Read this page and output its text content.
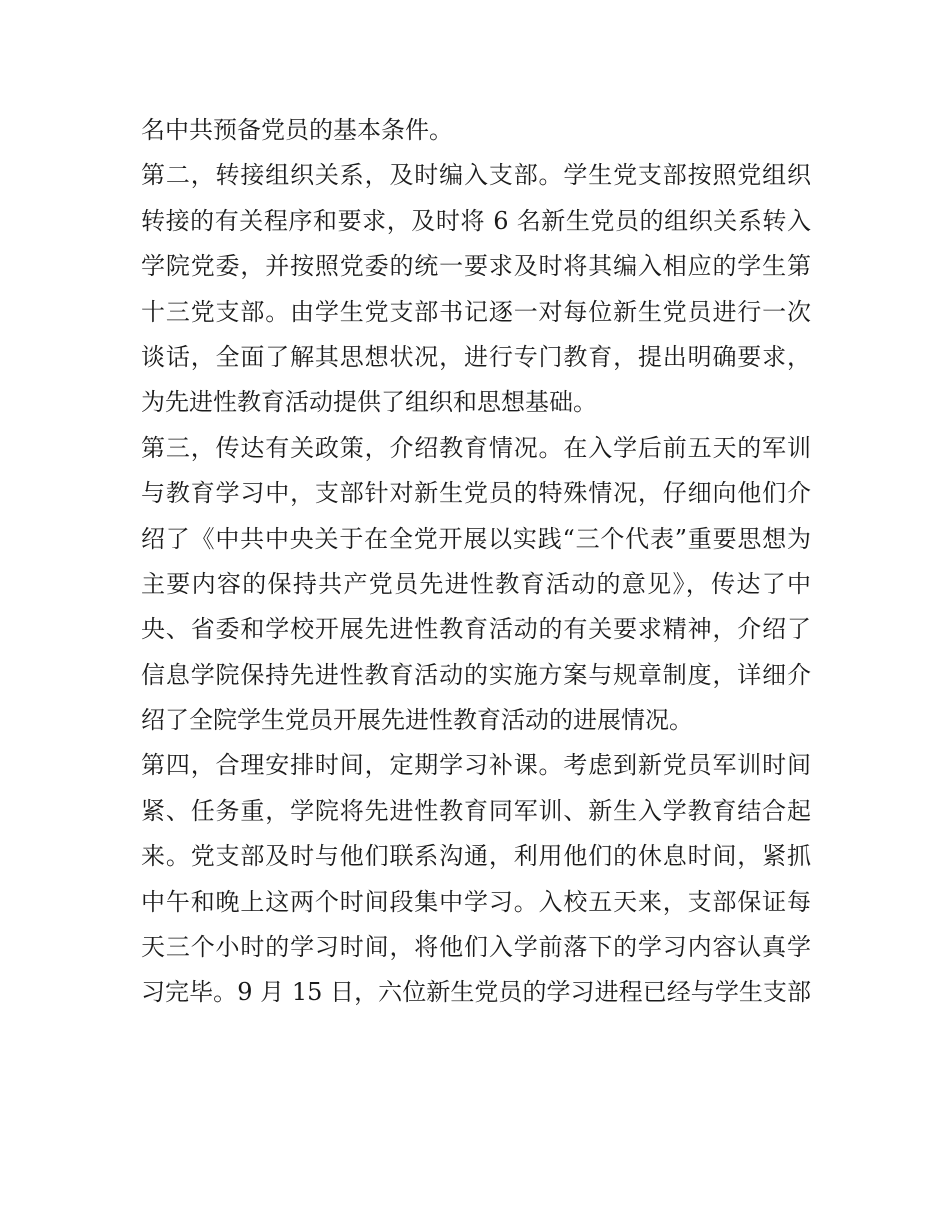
名中共预备党员的基本条件。
第二，转接组织关系，及时编入支部。学生党支部按照党组织
转接的有关程序和要求，及时将 6 名新生党员的组织关系转入
学院党委，并按照党委的统一要求及时将其编入相应的学生第
十三党支部。由学生党支部书记逐一对每位新生党员进行一次
谈话，全面了解其思想状况，进行专门教育，提出明确要求，
为先进性教育活动提供了组织和思想基础。
第三，传达有关政策，介绍教育情况。在入学后前五天的军训
与教育学习中，支部针对新生党员的特殊情况，仔细向他们介
绍了《中共中央关于在全党开展以实践“三个代表”重要思想为
主要内容的保持共产党员先进性教育活动的意见》，传达了中
央、省委和学校开展先进性教育活动的有关要求精神，介绍了
信息学院保持先进性教育活动的实施方案与规章制度，详细介
绍了全院学生党员开展先进性教育活动的进展情况。
第四，合理安排时间，定期学习补课。考虑到新党员军训时间
紧、任务重，学院将先进性教育同军训、新生入学教育结合起
来。党支部及时与他们联系沟通，利用他们的休息时间，紧抓
中午和晚上这两个时间段集中学习。入校五天来，支部保证每
天三个小时的学习时间，将他们入学前落下的学习内容认真学
习完毕。9 月 15 日，六位新生党员的学习进程已经与学生支部
